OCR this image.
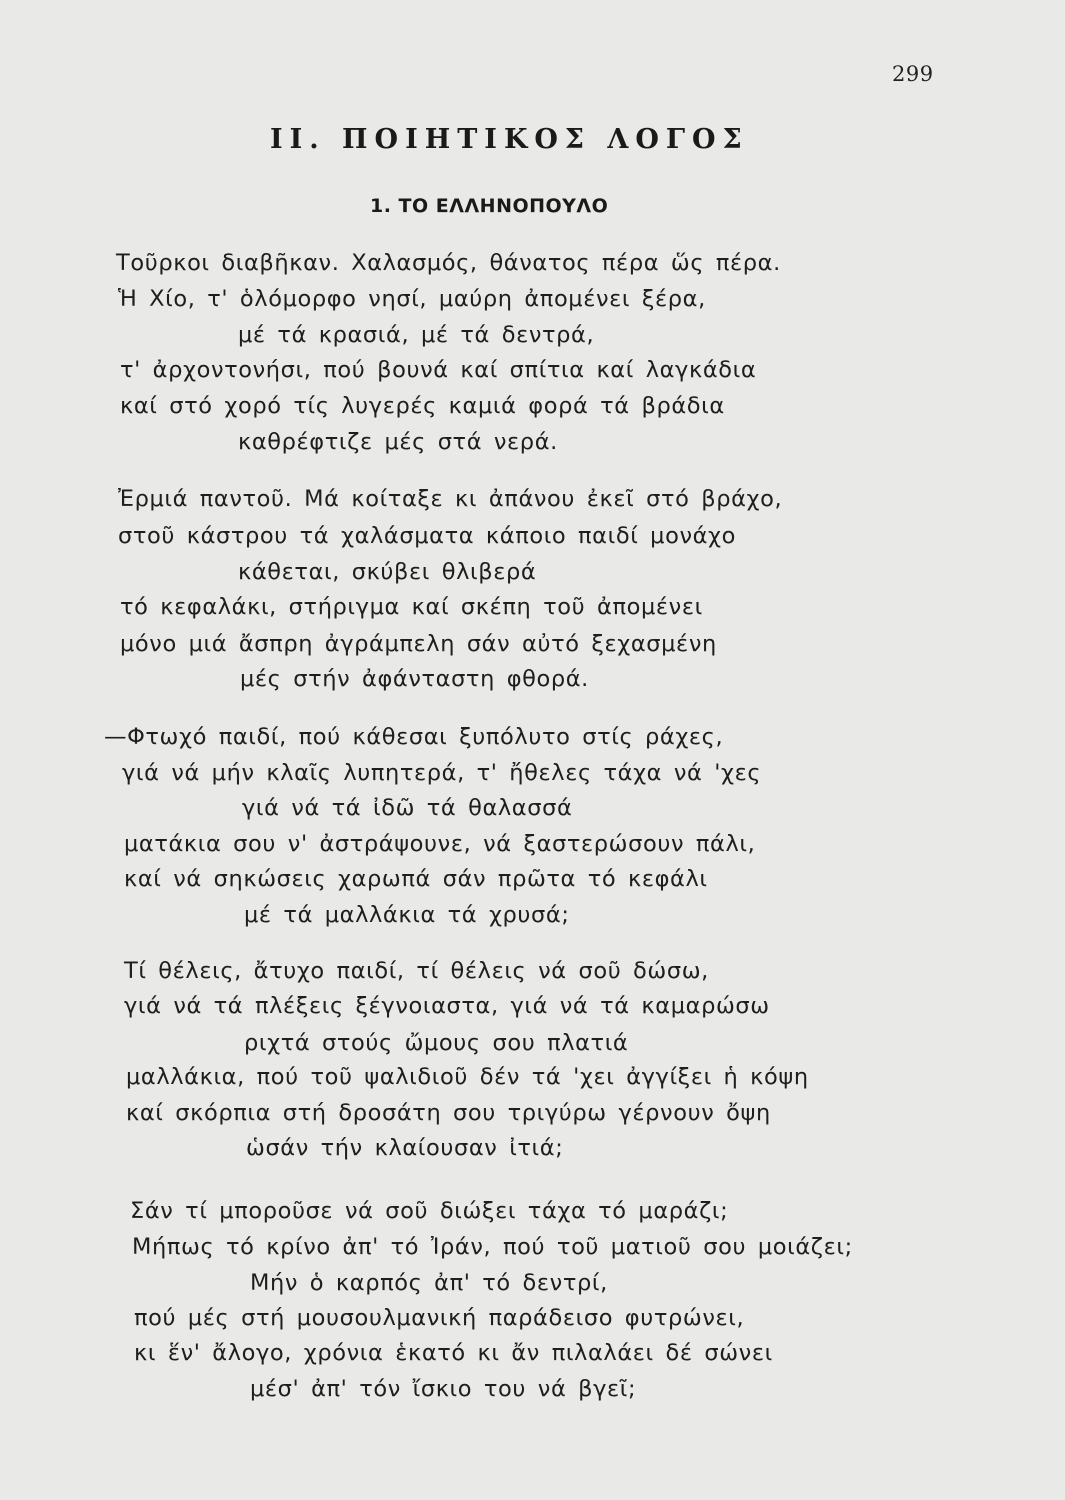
299
II. ΠΟΙΗΤΙΚΟΣ ΛΟΓΟΣ
1. ΤΟ ΕΛΛΗΝΟΠΟΥΛΟ
Τοῦρκοι διαβῆκαν. Χαλασμός, θάνατος πέρα ὥς πέρα.
Ἡ Χίο, τ' ὁλόμορφο νησί, μαύρη ἀπομένει ξέρα,
μέ τά κρασιά, μέ τά δεντρά,
τ' ἀρχοντονήσι, πού βουνά καί σπίτια καί λαγκάδια
καί στό χορό τίς λυγερές καμιά φορά τά βράδια
καθρέφτιζε μές στά νερά.
Ἐρμιά παντοῦ. Μά κοίταξε κι ἀπάνου ἐκεῖ στό βράχο,
στοῦ κάστρου τά χαλάσματα κάποιο παιδί μονάχο
κάθεται, σκύβει θλιβερά
τό κεφαλάκι, στήριγμα καί σκέπη τοῦ ἀπομένει
μόνο μιά ἄσπρη ἀγράμπελη σάν αὐτό ξεχασμένη
μές στήν ἀφάνταστη φθορά.
—Φτωχό παιδί, πού κάθεσαι ξυπόλυτο στίς ράχες,
γιά νά μήν κλαῖς λυπητερά, τ' ἤθελες τάχα νά 'χες
γιά νά τά ἰδῶ τά θαλασσά
ματάκια σου ν' ἀστράψουνε, νά ξαστερώσουν πάλι,
καί νά σηκώσεις χαρωπά σάν πρῶτα τό κεφάλι
μέ τά μαλλάκια τά χρυσά;
Τί θέλεις, ἄτυχο παιδί, τί θέλεις νά σοῦ δώσω,
γιά νά τά πλέξεις ξέγνοιαστα, γιά νά τά καμαρώσω
ριχτά στούς ὤμους σου πλατιά
μαλλάκια, πού τοῦ ψαλιδιοῦ δέν τά 'χει ἀγγίξει ἡ κόψη
καί σκόρπια στή δροσάτη σου τριγύρω γέρνουν ὄψη
ὡσάν τήν κλαίουσαν ἰτιά;
Σάν τί μποροῦσε νά σοῦ διώξει τάχα τό μαράζι;
Μήπως τό κρίνο ἀπ' τό Ἰράν, πού τοῦ ματιοῦ σου μοιάζει;
Μήν ὁ καρπός ἀπ' τό δεντρί,
πού μές στή μουσουλμανική παράδεισο φυτρώνει,
κι ἕν' ἄλογο, χρόνια ἑκατό κι ἄν πιλαλάει δέ σώνει
μέσ' ἀπ' τόν ἴσκιο του νά βγεῖ;
